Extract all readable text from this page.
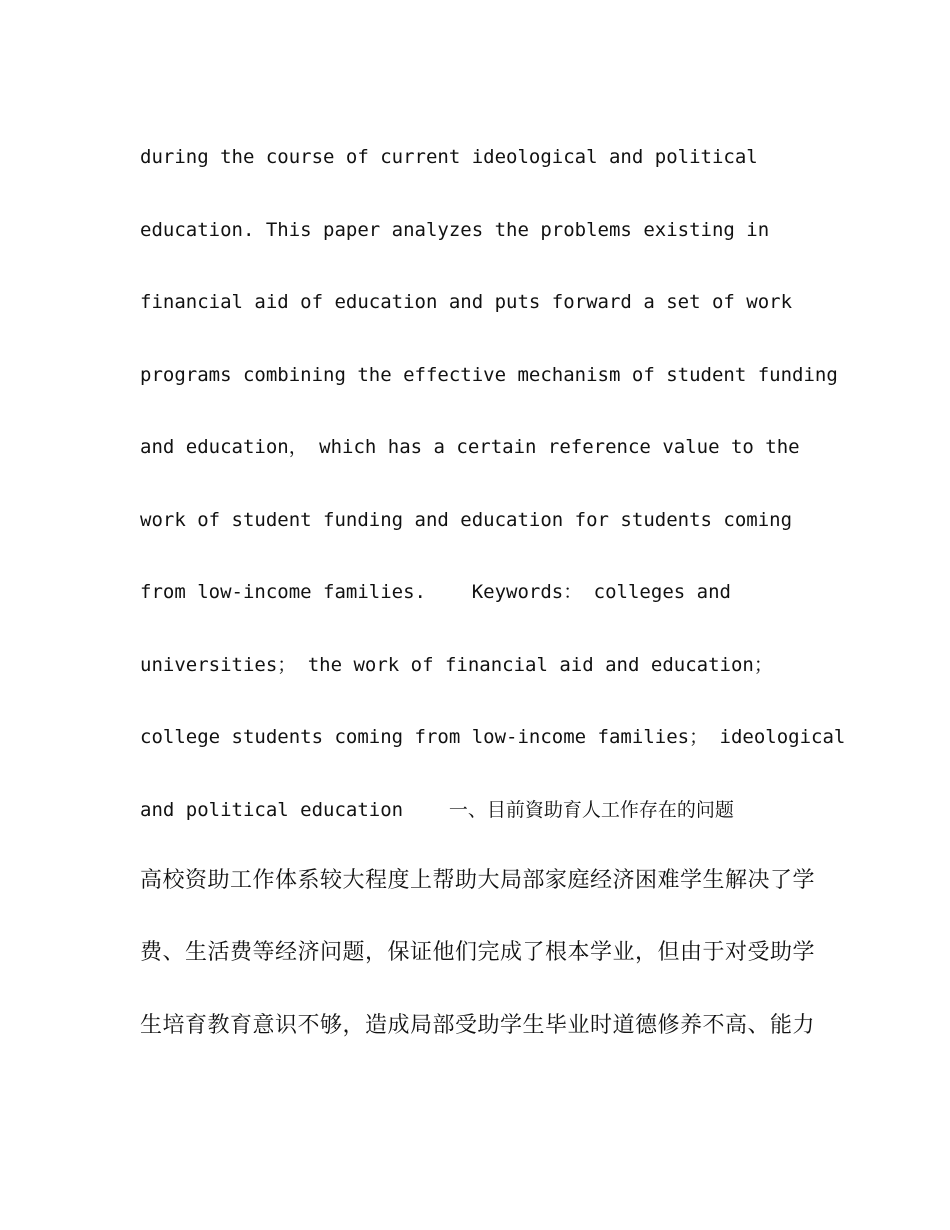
during the course of current ideological and political
education. This paper analyzes the problems existing in
financial aid of education and puts forward a set of work
programs combining the effective mechanism of student funding
and education， which has a certain reference value to the
work of student funding and education for students coming
from low-income families.    Keywords： colleges and
universities； the work of financial aid and education；
college students coming from low-income families； ideological
and political education    一、目前資助育人工作存在的问题
高校资助工作体系较大程度上帮助大局部家庭经济困难学生解决了学
费、生活费等经济问题，保证他们完成了根本学业，但由于对受助学
生培育教育意识不够，造成局部受助学生毕业时道德修养不高、能力
